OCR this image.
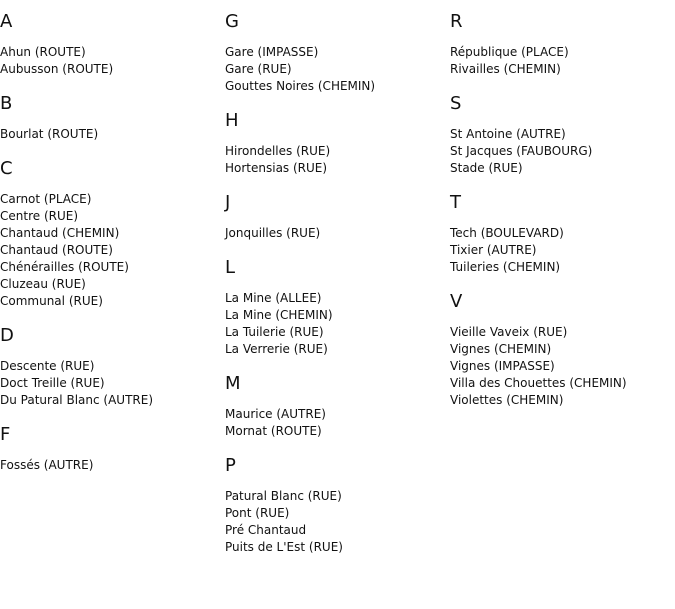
A
Ahun (ROUTE)
Aubusson (ROUTE)
B
Bourlat (ROUTE)
C
Carnot (PLACE)
Centre (RUE)
Chantaud (CHEMIN)
Chantaud (ROUTE)
Chénérailles (ROUTE)
Cluzeau (RUE)
Communal (RUE)
D
Descente (RUE)
Doct Treille (RUE)
Du Patural Blanc (AUTRE)
F
Fossés (AUTRE)
G
Gare (IMPASSE)
Gare (RUE)
Gouttes Noires (CHEMIN)
H
Hirondelles (RUE)
Hortensias (RUE)
J
Jonquilles (RUE)
L
La Mine (ALLEE)
La Mine (CHEMIN)
La Tuilerie (RUE)
La Verrerie (RUE)
M
Maurice (AUTRE)
Mornat (ROUTE)
P
Patural Blanc (RUE)
Pont (RUE)
Pré Chantaud
Puits de L'Est (RUE)
R
République (PLACE)
Rivailles (CHEMIN)
S
St Antoine (AUTRE)
St Jacques (FAUBOURG)
Stade (RUE)
T
Tech (BOULEVARD)
Tixier (AUTRE)
Tuileries (CHEMIN)
V
Vieille Vaveix (RUE)
Vignes (CHEMIN)
Vignes (IMPASSE)
Villa des Chouettes (CHEMIN)
Violettes (CHEMIN)
